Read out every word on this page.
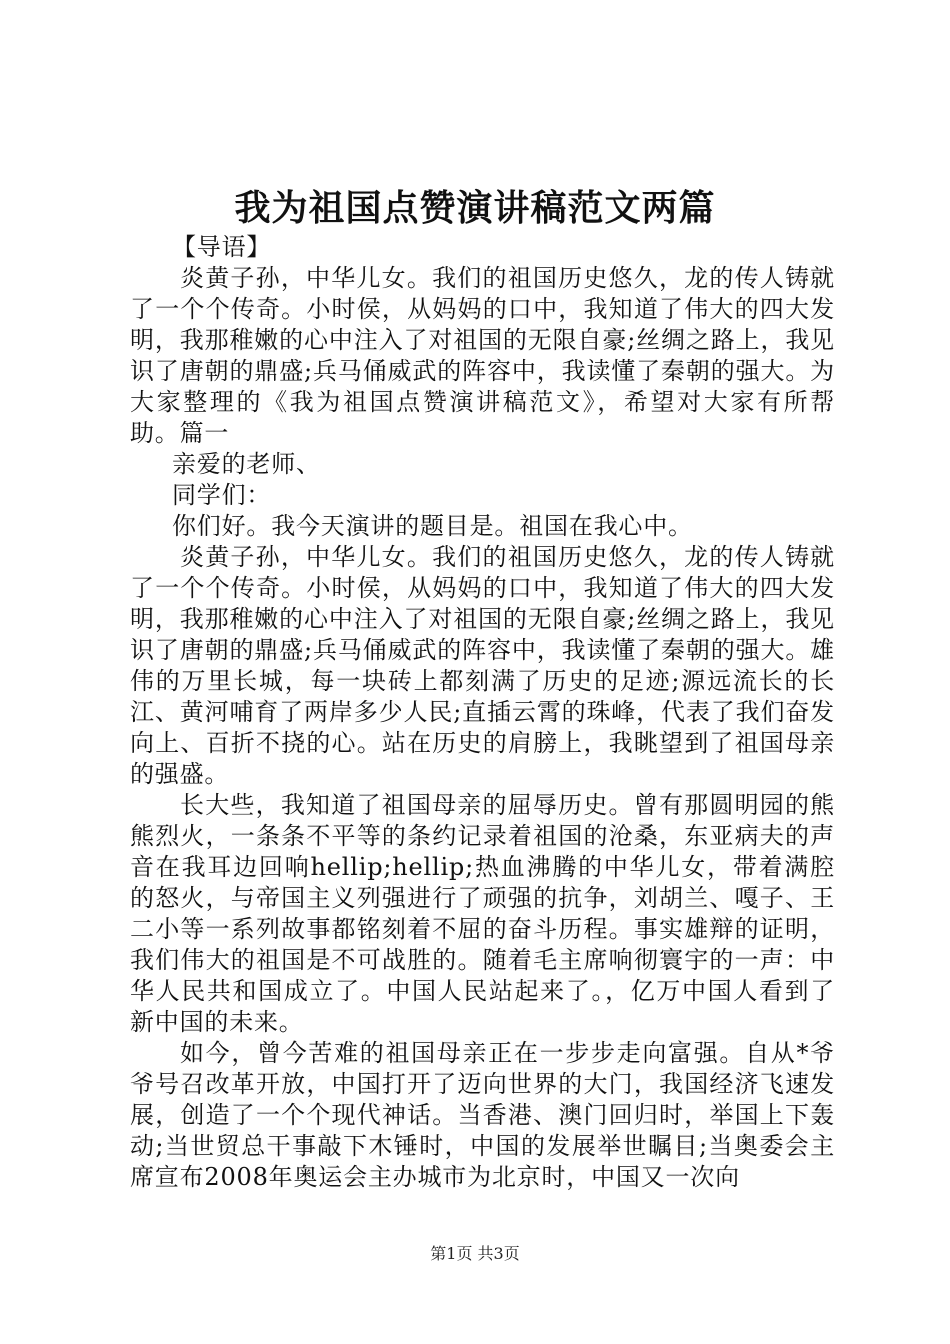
我为祖国点赞演讲稿范文两篇

【导语】

炎黄子孙，中华儿女。我们的祖国历史悠久，龙的传人铸就了一个个传奇。小时侯，从妈妈的口中，我知道了伟大的四大发明，我那稚嫩的心中注入了对祖国的无限自豪;丝绸之路上，我见识了唐朝的鼎盛;兵马俑威武的阵容中，我读懂了秦朝的强大。为大家整理的《我为祖国点赞演讲稿范文》，希望对大家有所帮助。篇一

亲爱的老师、

同学们：

你们好。我今天演讲的题目是。祖国在我心中。

炎黄子孙，中华儿女。我们的祖国历史悠久，龙的传人铸就了一个个传奇。小时侯，从妈妈的口中，我知道了伟大的四大发明，我那稚嫩的心中注入了对祖国的无限自豪;丝绸之路上，我见识了唐朝的鼎盛;兵马俑威武的阵容中，我读懂了秦朝的强大。雄伟的万里长城，每一块砖上都刻满了历史的足迹;源远流长的长江、黄河哺育了两岸多少人民;直插云霄的珠峰，代表了我们奋发向上、百折不挠的心。站在历史的肩膀上，我眺望到了祖国母亲的强盛。

长大些，我知道了祖国母亲的屈辱历史。曾有那圆明园的熊熊烈火，一条条不平等的条约记录着祖国的沧桑，东亚病夫的声音在我耳边回响hellip;hellip;热血沸腾的中华儿女，带着满腔的怒火，与帝国主义列强进行了顽强的抗争，刘胡兰、嘎子、王二小等一系列故事都铭刻着不屈的奋斗历程。事实雄辩的证明，我们伟大的祖国是不可战胜的。随着毛主席响彻寰宇的一声：中华人民共和国成立了。中国人民站起来了。，亿万中国人看到了新中国的未来。

如今，曾今苦难的祖国母亲正在一步步走向富强。自从*爷爷号召改革开放，中国打开了迈向世界的大门，我国经济飞速发展，创造了一个个现代神话。当香港、澳门回归时，举国上下轰动;当世贸总干事敲下木锤时，中国的发展举世瞩目;当奥委会主席宣布2008年奥运会主办城市为北京时，中国又一次向

第1页 共3页
